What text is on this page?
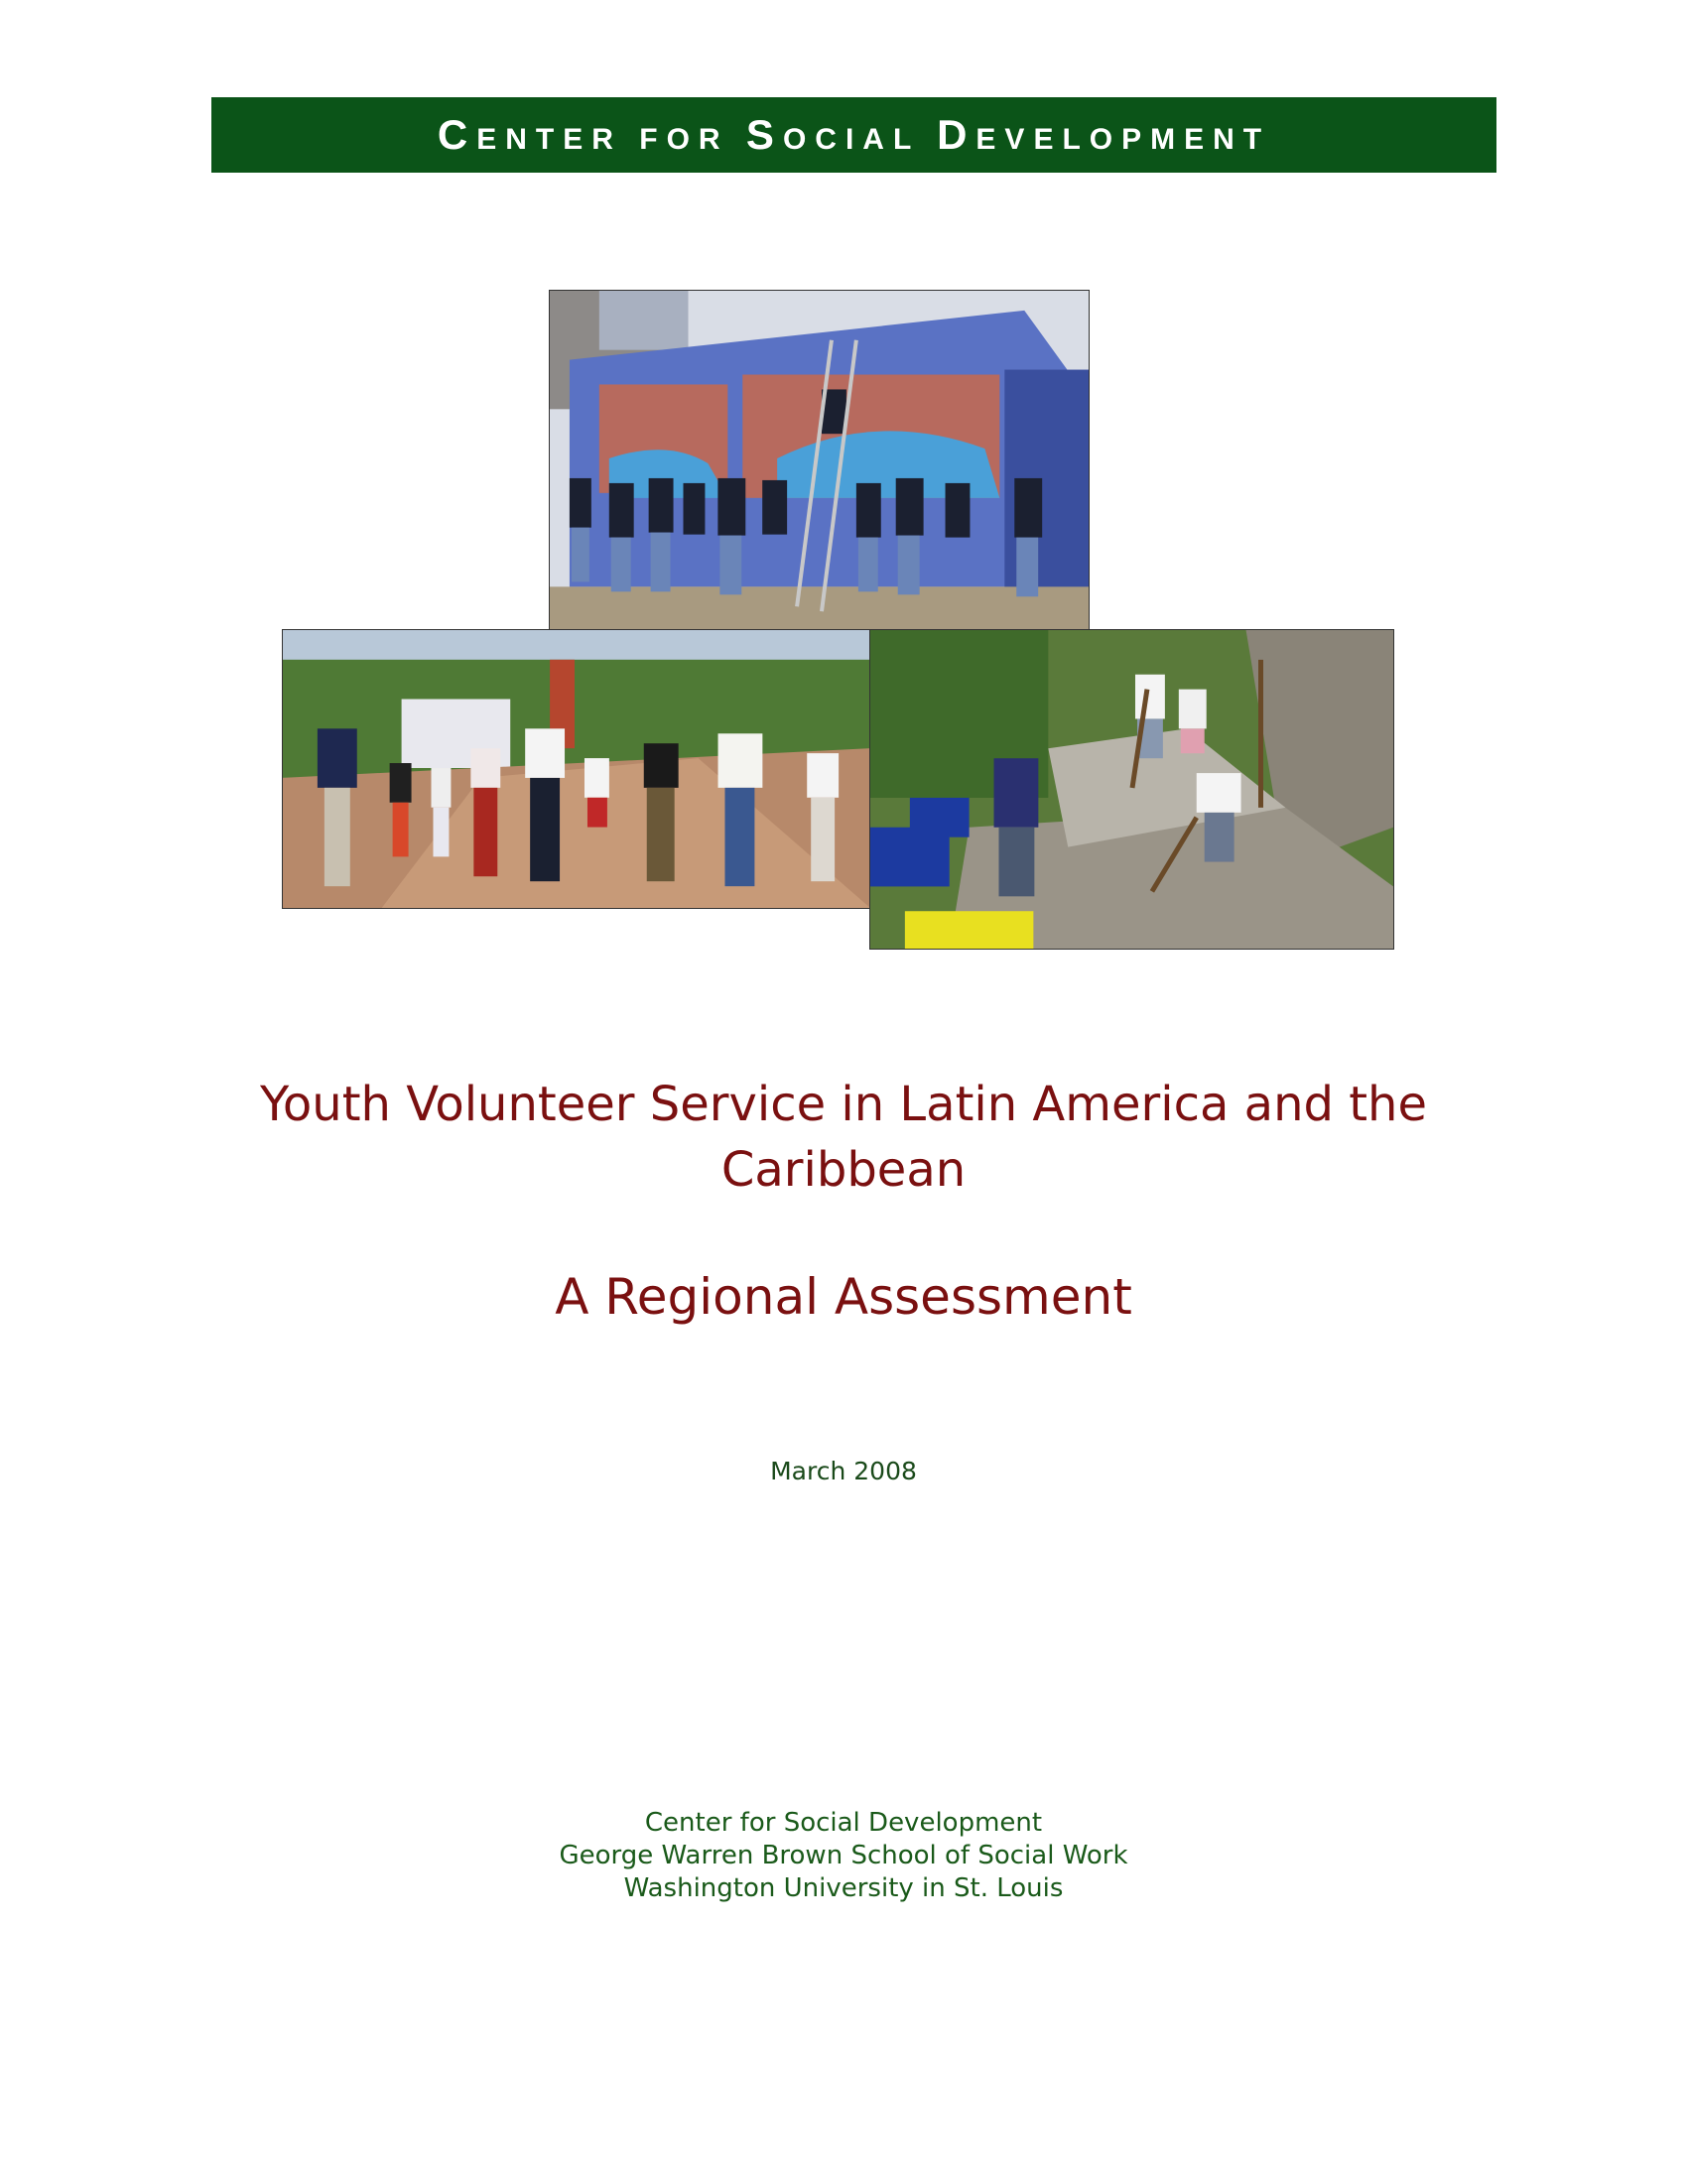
CENTER FOR SOCIAL DEVELOPMENT
Youth Volunteer Service in Latin America and the
Caribbean
A Regional Assessment
March 2008
Center for Social Development
George Warren Brown School of Social Work
Washington University in St. Louis
